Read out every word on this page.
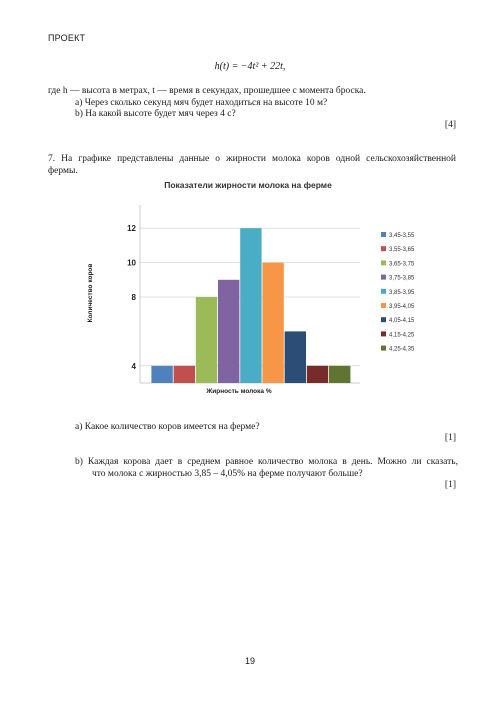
ПРОЕКТ
h(t) = −4t² + 22t,
где h — высота в метрах, t — время в секундах, прошедшее с момента броска.
a) Через сколько секунд мяч будет находиться на высоте 10 м?
b) На какой высоте будет мяч через 4 с?
[4]
7. На графике представлены данные о жирности молока коров одной сельскохозяйственной
фермы.
Показатели жирности молока на ферме
4
8
10
12
Количество коров
Жирность молока %
3,45-3,55
3,55-3,65
3,65-3,75
3,75-3,85
3,85-3,95
3,95-4,05
4,05-4,15
4,15-4,25
4,25-4,35
a) Какое количество коров имеется на ферме?
[1]
b) Каждая корова дает в среднем равное количество молока в день. Можно ли сказать,
что молока с жирностью 3,85 – 4,05% на ферме получают больше?
[1]
19
